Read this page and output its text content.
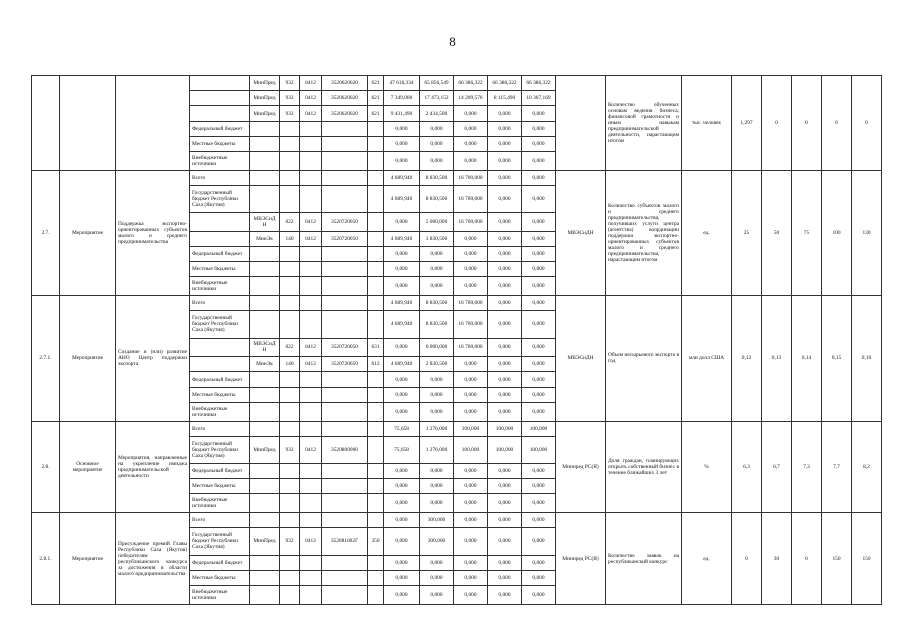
8
				МинПред	932	0412	3520620020	621	47 618,334	65 856,549	66 386,322	66 386,322	66 386,322		Количество обученных основам ведения бизнеса, финансовой грамотности и иным навыкам предпринимательской деятельности, нарастающим итогом	тыс. человек	1,297	0	0	0	0
				МинПред	932	0412	3520620020	621	7 349,000	17 473,152	14 209,576	8 115,490	10 367,169								
				МинПред	932	0412	3520620020	621	9 431,490	2 434,500	0,000	0,000	0,000								
			Федеральный бюджет						0,000	0,000	0,000	0,000	0,000								
			Местные бюджеты						0,000	0,000	0,000	0,000	0,000								
			Внебюджетные источники						0,000	0,000	0,000	0,000	0,000								
2.7.	Мероприятие	Поддержка экспортно-ориентированных субъектов малого и среднего предпринимательства	Всего						4 689,940	8 830,500	16 700,000	0,000	0,000	МВЭСиДН	Количество субъектов малого и среднего предпринимательства, получивших услуги центра (агентства) координации поддержки экспортно-ориентированных субъектов малого и среднего предпринимательства, нарастающим итогом	ед.	25	50	75	100	130
			Государственный бюджет Республики Саха (Якутия)						4 689,940	8 830,500	16 700,000	0,000	0,000								
				МВЭСиДН	022	0412	3520720050		0,000	5 000,000	16 700,000	0,000	0,000								
				МинЭк	140	0412	3520720050		4 689,940	3 830,500	0,000	0,000	0,000								
			Федеральный бюджет						0,000	0,000	0,000	0,000	0,000								
			Местные бюджеты						0,000	0,000	0,000	0,000	0,000								
			Внебюджетные источники						0,000	0,000	0,000	0,000	0,000								
2.7.1.	Мероприятие	Создание и (или) развитие АНО Центр поддержки экспорта	Всего						4 689,940	8 830,500	16 700,000	0,000	0,000	МВЭСиДН	Объем несырьевого экспорта в год	млн долл США	0,12	0,13	0,14	0,15	0,16
			Государственный бюджет Республики Саха (Якутия)						4 689,940	8 830,500	16 700,000	0,000	0,000								
				МВЭСиДН	022	0412	3520720050	631	0,000	6 000,000	16 700,000	0,000	0,000								
				МинЭк	140	0412	3520720050	612	4 689,940	2 830,500	0,000	0,000	0,000								
			Федеральный бюджет						0,000	0,000	0,000	0,000	0,000								
			Местные бюджеты						0,000	0,000	0,000	0,000	0,000								
			Внебюджетные источники						0,000	0,000	0,000	0,000	0,000								
2.8.	Основное мероприятие	Мероприятия, направленные на укрепление имиджа предпринимательской деятельности	Всего						75,658	1 276,000	100,000	100,000	100,000	Минпред РС(Я)	Доля граждан, планирующих открыть собственный бизнес в течение ближайших 3 лет	%	6,3	6,7	7,3	7,7	8,2
			Государственный бюджет Республики Саха (Якутия)	МинПред	932	0412	3520800000		75,658	1 276,000	100,000	100,000	100,000								
			Федеральный бюджет						0,000	0,000	0,000	0,000	0,000								
			Местные бюджеты						0,000	0,000	0,000	0,000	0,000								
			Внебюджетные источники						0,000	0,000	0,000	0,000	0,000								
2.8.1.	Мероприятие	Присуждение премий Главы Республики Саха (Якутия) победителям республиканского конкурса за достижения в области малого предпринимательства	Всего						0,000	300,000	0,000	0,000	0,000	Минпред РС(Я)	Количество заявок на республиканский конкурс	ед.	0	30	0	150	150
			Государственный бюджет Республики Саха (Якутия)	МинПред	932	0412	352081002Г	350	0,000	300,000	0,000	0,000	0,000								
			Федеральный бюджет						0,000	0,000	0,000	0,000	0,000								
			Местные бюджеты						0,000	0,000	0,000	0,000	0,000								
			Внебюджетные источники						0,000	0,000	0,000	0,000	0,000								
